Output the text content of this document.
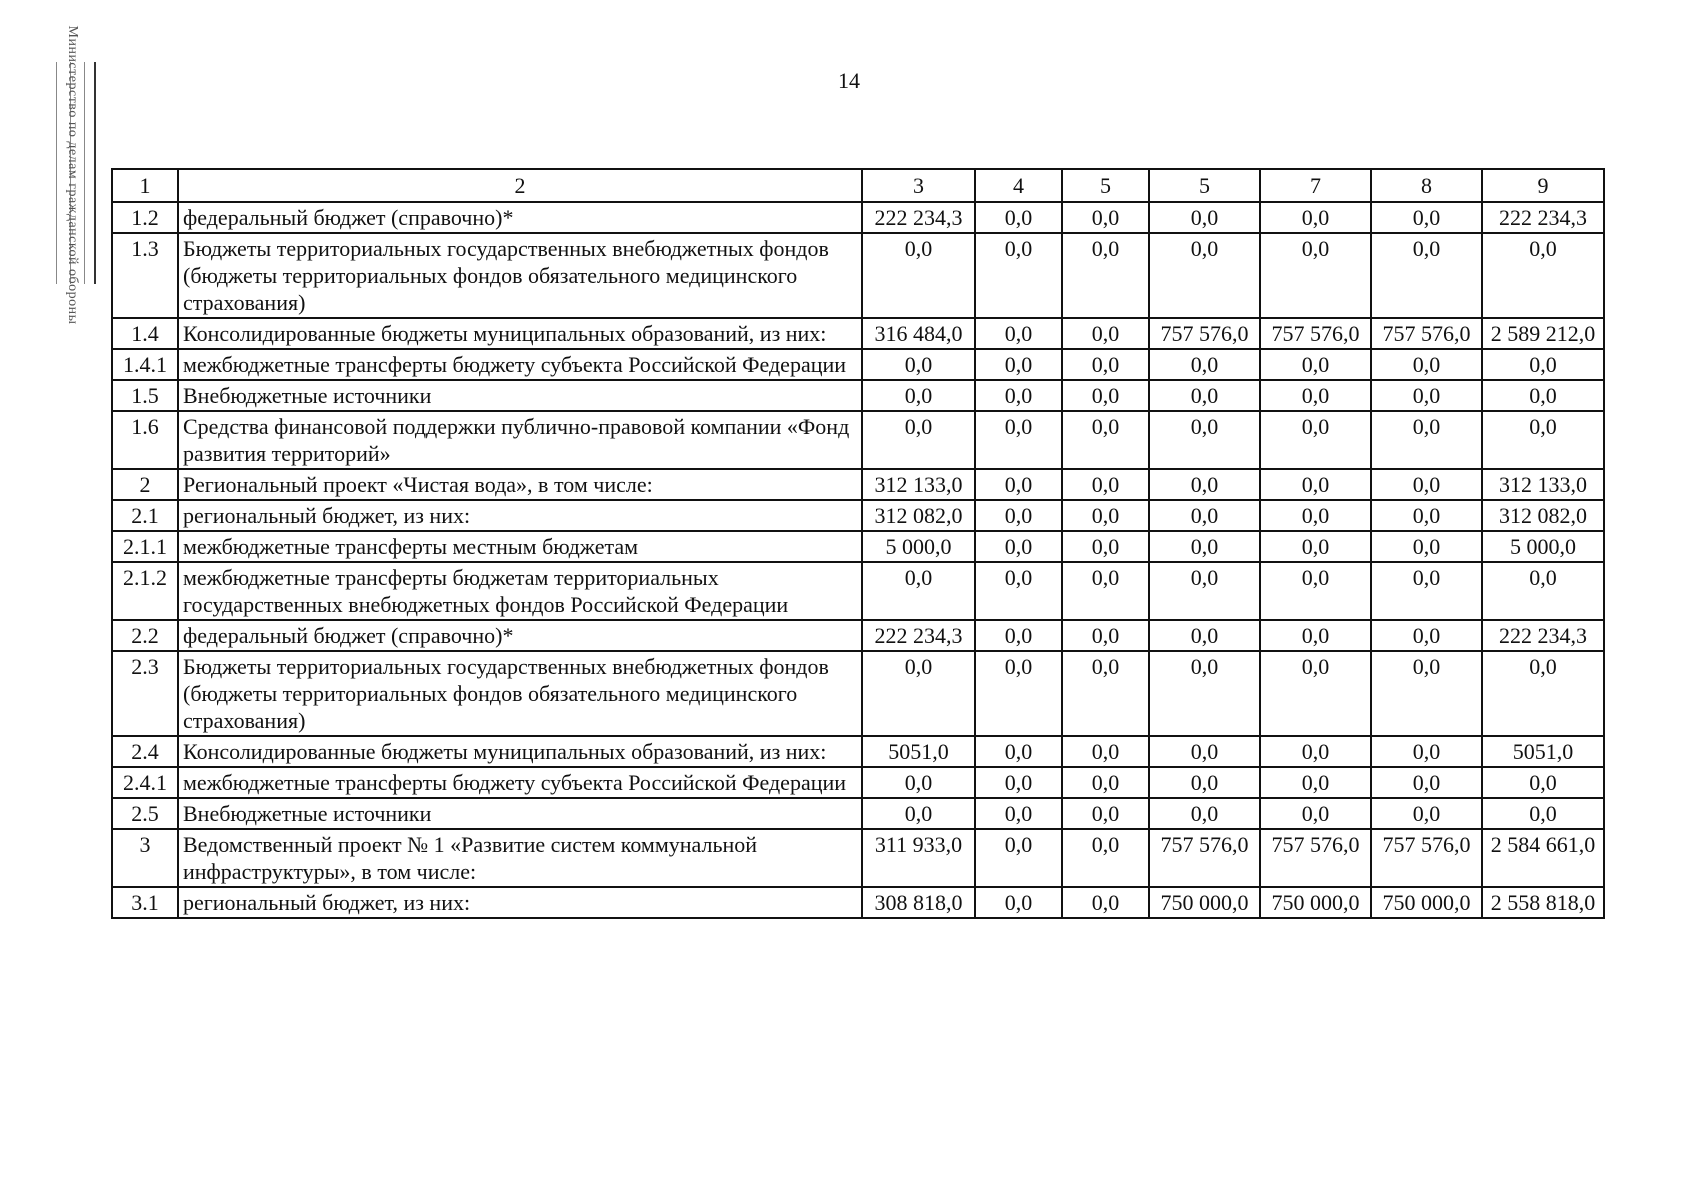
Министерство по делам гражданской обороны	14
1	2	3	4	5	5	7	8	9
1.2	федеральный бюджет (справочно)*	222 234,3	0,0	0,0	0,0	0,0	0,0	222 234,3
1.3	Бюджеты территориальных государственных внебюджетных фондов (бюджеты территориальных фондов обязательного медицинского страхования)	0,0	0,0	0,0	0,0	0,0	0,0	0,0
1.4	Консолидированные бюджеты муниципальных образований, из них:	316 484,0	0,0	0,0	757 576,0	757 576,0	757 576,0	2 589 212,0
1.4.1	межбюджетные трансферты бюджету субъекта Российской Федерации	0,0	0,0	0,0	0,0	0,0	0,0	0,0
1.5	Внебюджетные источники	0,0	0,0	0,0	0,0	0,0	0,0	0,0
1.6	Средства финансовой поддержки публично-правовой компании «Фонд развития территорий»	0,0	0,0	0,0	0,0	0,0	0,0	0,0
2	Региональный проект «Чистая вода», в том числе:	312 133,0	0,0	0,0	0,0	0,0	0,0	312 133,0
2.1	региональный бюджет, из них:	312 082,0	0,0	0,0	0,0	0,0	0,0	312 082,0
2.1.1	межбюджетные трансферты местным бюджетам	5 000,0	0,0	0,0	0,0	0,0	0,0	5 000,0
2.1.2	межбюджетные трансферты бюджетам территориальных государственных внебюджетных фондов Российской Федерации	0,0	0,0	0,0	0,0	0,0	0,0	0,0
2.2	федеральный бюджет (справочно)*	222 234,3	0,0	0,0	0,0	0,0	0,0	222 234,3
2.3	Бюджеты территориальных государственных внебюджетных фондов (бюджеты территориальных фондов обязательного медицинского страхования)	0,0	0,0	0,0	0,0	0,0	0,0	0,0
2.4	Консолидированные бюджеты муниципальных образований, из них:	5051,0	0,0	0,0	0,0	0,0	0,0	5051,0
2.4.1	межбюджетные трансферты бюджету субъекта Российской Федерации	0,0	0,0	0,0	0,0	0,0	0,0	0,0
2.5	Внебюджетные источники	0,0	0,0	0,0	0,0	0,0	0,0	0,0
3	Ведомственный проект № 1 «Развитие систем коммунальной инфраструктуры», в том числе:	311 933,0	0,0	0,0	757 576,0	757 576,0	757 576,0	2 584 661,0
3.1	региональный бюджет, из них:	308 818,0	0,0	0,0	750 000,0	750 000,0	750 000,0	2 558 818,0
